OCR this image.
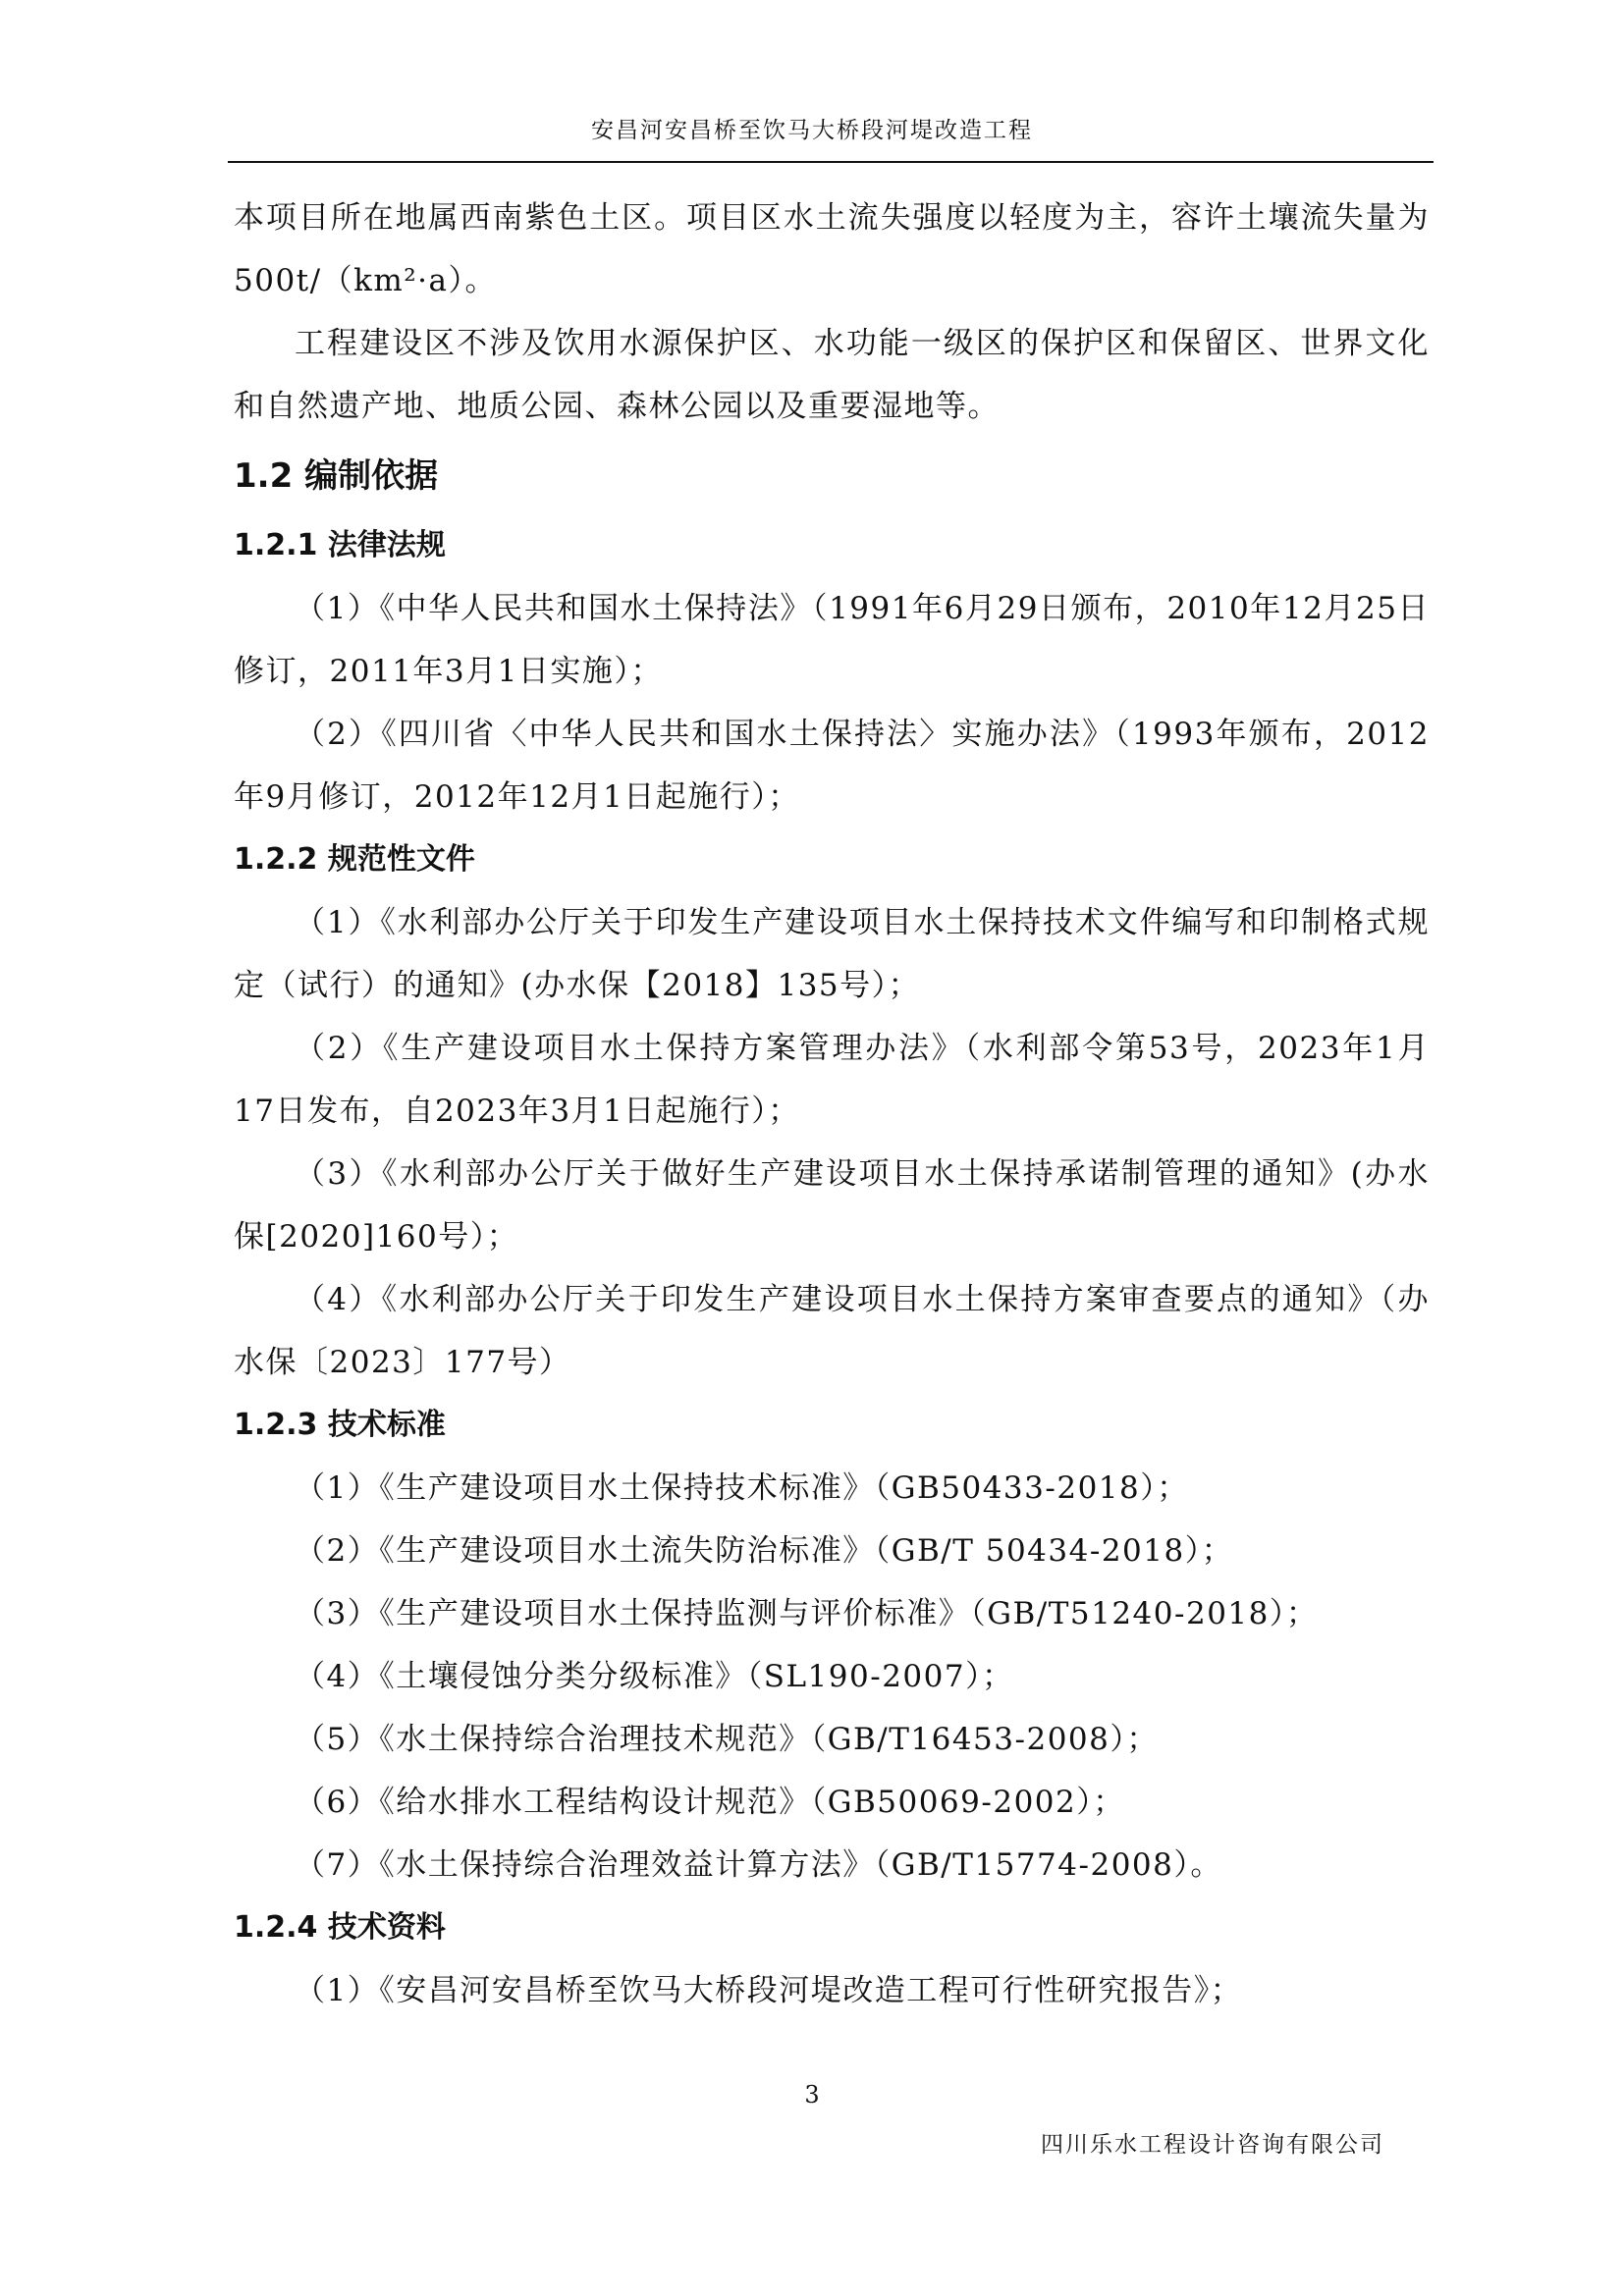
安昌河安昌桥至饮马大桥段河堤改造工程

本项目所在地属西南紫色土区。项目区水土流失强度以轻度为主，容许土壤流失量为500t/（km²·a）。

工程建设区不涉及饮用水源保护区、水功能一级区的保护区和保留区、世界文化和自然遗产地、地质公园、森林公园以及重要湿地等。

1.2 编制依据
1.2.1 法律法规

（1）《中华人民共和国水土保持法》（1991年6月29日颁布，2010年12月25日修订，2011年3月1日实施）；

（2）《四川省〈中华人民共和国水土保持法〉实施办法》（1993年颁布，2012年9月修订，2012年12月1日起施行）；

1.2.2 规范性文件

（1）《水利部办公厅关于印发生产建设项目水土保持技术文件编写和印制格式规定（试行）的通知》(办水保【2018】135号）；

（2）《生产建设项目水土保持方案管理办法》（水利部令第53号，2023年1月17日发布，自2023年3月1日起施行）；

（3）《水利部办公厅关于做好生产建设项目水土保持承诺制管理的通知》(办水保[2020]160号）；

（4）《水利部办公厅关于印发生产建设项目水土保持方案审查要点的通知》（办水保〔2023〕177号）

1.2.3 技术标准

（1）《生产建设项目水土保持技术标准》（GB50433-2018）；

（2）《生产建设项目水土流失防治标准》（GB/T 50434-2018）；

（3）《生产建设项目水土保持监测与评价标准》（GB/T51240-2018）；

（4）《土壤侵蚀分类分级标准》（SL190-2007）；

（5）《水土保持综合治理技术规范》（GB/T16453-2008）；

（6）《给水排水工程结构设计规范》（GB50069-2002）；

（7）《水土保持综合治理效益计算方法》（GB/T15774-2008）。

1.2.4 技术资料

（1）《安昌河安昌桥至饮马大桥段河堤改造工程可行性研究报告》；

3
四川乐水工程设计咨询有限公司
